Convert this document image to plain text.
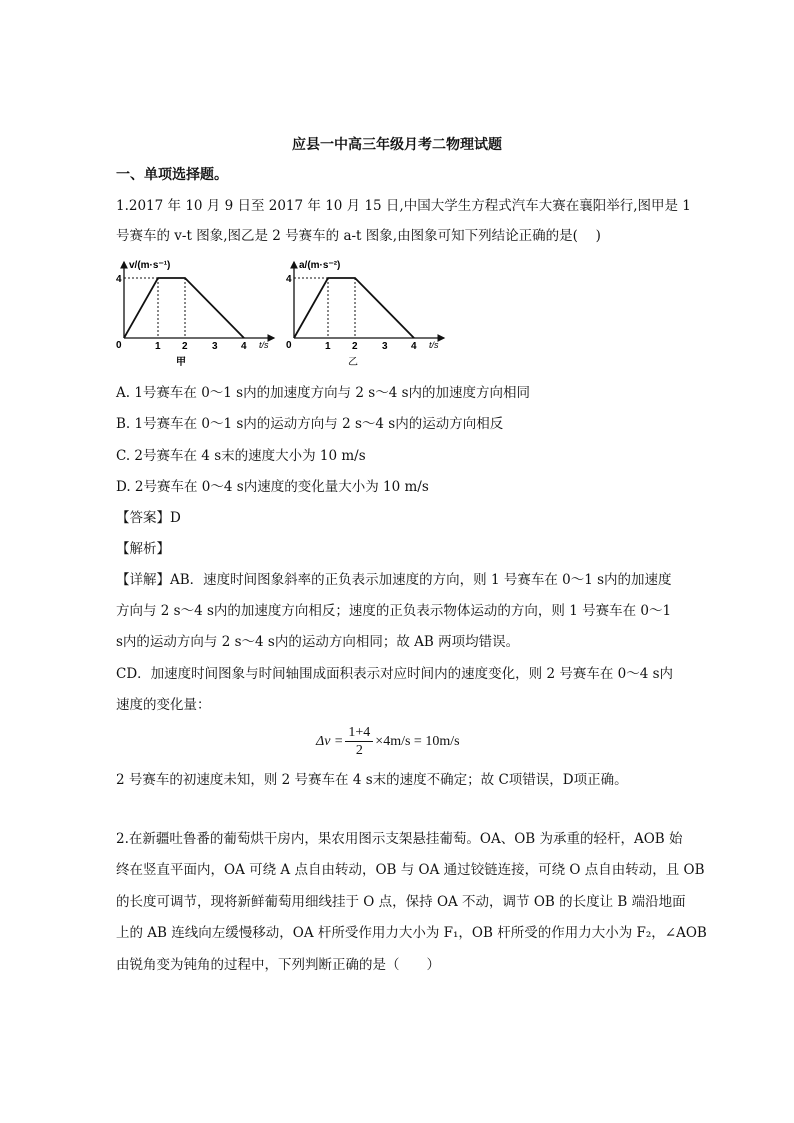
应县一中高三年级月考二物理试题
一、单项选择题。
1.2017 年 10 月 9 日至 2017 年 10 月 15 日,中国大学生方程式汽车大赛在襄阳举行,图甲是 1
号赛车的 v-t 图象,图乙是 2 号赛车的 a-t 图象,由图象可知下列结论正确的是(　 )
v/(m·s⁻¹)
4
0	1 2 3 4 t/s
甲
a/(m·s⁻²)
4
0	1 2 3 4 t/s
乙
A. 1号赛车在 0～1 s内的加速度方向与 2 s～4 s内的加速度方向相同
B. 1号赛车在 0～1 s内的运动方向与 2 s～4 s内的运动方向相反
C. 2号赛车在 4 s末的速度大小为 10 m/s
D. 2号赛车在 0～4 s内速度的变化量大小为 10 m/s
【答案】D
【解析】
【详解】AB．速度时间图象斜率的正负表示加速度的方向，则 1 号赛车在 0～1 s内的加速度
方向与 2 s～4 s内的加速度方向相反；速度的正负表示物体运动的方向，则 1 号赛车在 0～1
s内的运动方向与 2 s～4 s内的运动方向相同；故 AB 两项均错误。
CD．加速度时间图象与时间轴围成面积表示对应时间内的速度变化，则 2 号赛车在 0～4 s内
速度的变化量：
$\Delta v = \frac{1+4}{2} \times 4m/s = 10m/s$
2 号赛车的初速度未知，则 2 号赛车在 4 s末的速度不确定；故 C项错误，D项正确。
2.在新疆吐鲁番的葡萄烘干房内，果农用图示支架悬挂葡萄。OA、OB 为承重的轻杆，AOB 始
终在竖直平面内，OA 可绕 A 点自由转动，OB 与 OA 通过铰链连接，可绕 O 点自由转动，且 OB
的长度可调节，现将新鲜葡萄用细线挂于 O 点，保持 OA 不动，调节 OB 的长度让 B 端沿地面
上的 AB 连线向左缓慢移动，OA 杆所受作用力大小为 F₁，OB 杆所受的作用力大小为 F₂，∠AOB
由锐角变为钝角的过程中，下列判断正确的是（　　）
